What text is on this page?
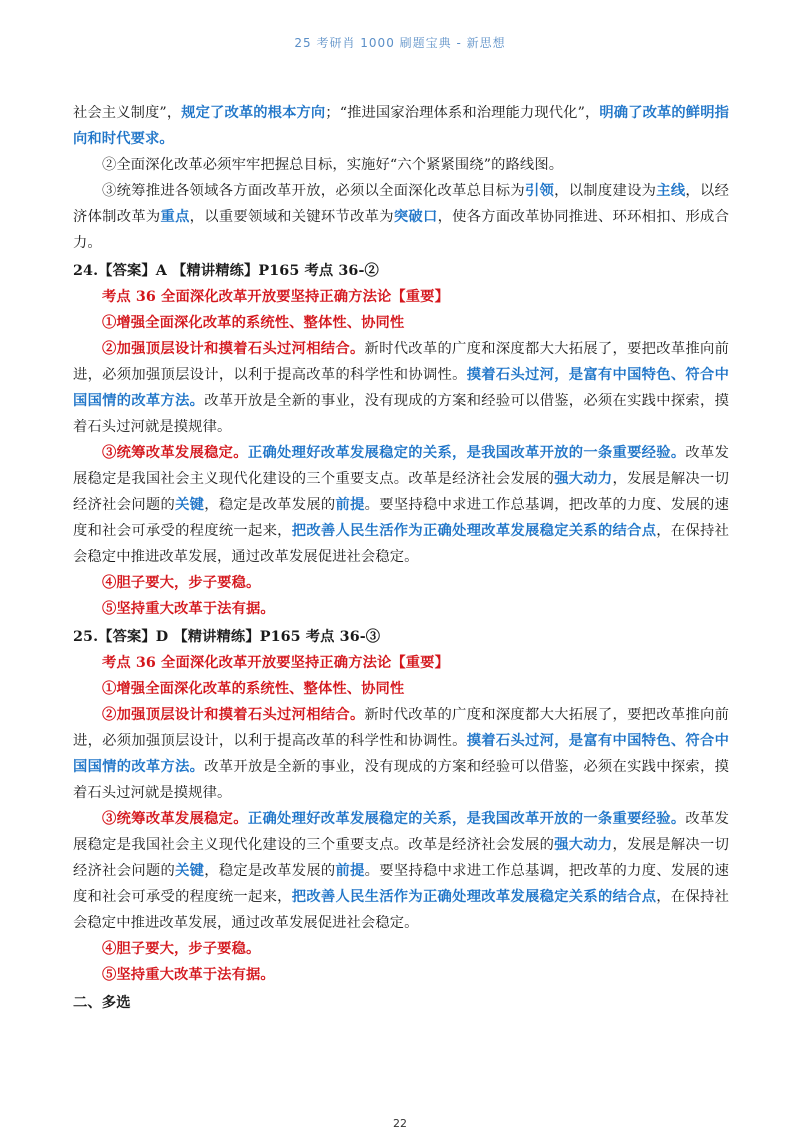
25 考研肖 1000 刷题宝典 - 新思想

社会主义制度”，规定了改革的根本方向；“推进国家治理体系和治理能力现代化”，明确了改革的鲜明指向和时代要求。

②全面深化改革必须牢牢把握总目标，实施好“六个紧紧围绕”的路线图。

③统筹推进各领域各方面改革开放，必须以全面深化改革总目标为引领，以制度建设为主线，以经济体制改革为重点，以重要领域和关键环节改革为突破口，使各方面改革协同推进、环环相扣、形成合力。

24.【答案】A 【精讲精练】P165 考点 36-②

考点 36 全面深化改革开放要坚持正确方法论【重要】

①增强全面深化改革的系统性、整体性、协同性

②加强顶层设计和摸着石头过河相结合。新时代改革的广度和深度都大大拓展了，要把改革推向前进，必须加强顶层设计，以利于提高改革的科学性和协调性。摸着石头过河，是富有中国特色、符合中国国情的改革方法。改革开放是全新的事业，没有现成的方案和经验可以借鉴，必须在实践中探索，摸着石头过河就是摸规律。

③统筹改革发展稳定。正确处理好改革发展稳定的关系，是我国改革开放的一条重要经验。改革发展稳定是我国社会主义现代化建设的三个重要支点。改革是经济社会发展的强大动力，发展是解决一切经济社会问题的关键，稳定是改革发展的前提。要坚持稳中求进工作总基调，把改革的力度、发展的速度和社会可承受的程度统一起来，把改善人民生活作为正确处理改革发展稳定关系的结合点，在保持社会稳定中推进改革发展，通过改革发展促进社会稳定。

④胆子要大，步子要稳。

⑤坚持重大改革于法有据。

25.【答案】D 【精讲精练】P165 考点 36-③

考点 36 全面深化改革开放要坚持正确方法论【重要】

①增强全面深化改革的系统性、整体性、协同性

②加强顶层设计和摸着石头过河相结合。新时代改革的广度和深度都大大拓展了，要把改革推向前进，必须加强顶层设计，以利于提高改革的科学性和协调性。摸着石头过河，是富有中国特色、符合中国国情的改革方法。改革开放是全新的事业，没有现成的方案和经验可以借鉴，必须在实践中探索，摸着石头过河就是摸规律。

③统筹改革发展稳定。正确处理好改革发展稳定的关系，是我国改革开放的一条重要经验。改革发展稳定是我国社会主义现代化建设的三个重要支点。改革是经济社会发展的强大动力，发展是解决一切经济社会问题的关键，稳定是改革发展的前提。要坚持稳中求进工作总基调，把改革的力度、发展的速度和社会可承受的程度统一起来，把改善人民生活作为正确处理改革发展稳定关系的结合点，在保持社会稳定中推进改革发展，通过改革发展促进社会稳定。

④胆子要大，步子要稳。

⑤坚持重大改革于法有据。

二、多选

22
